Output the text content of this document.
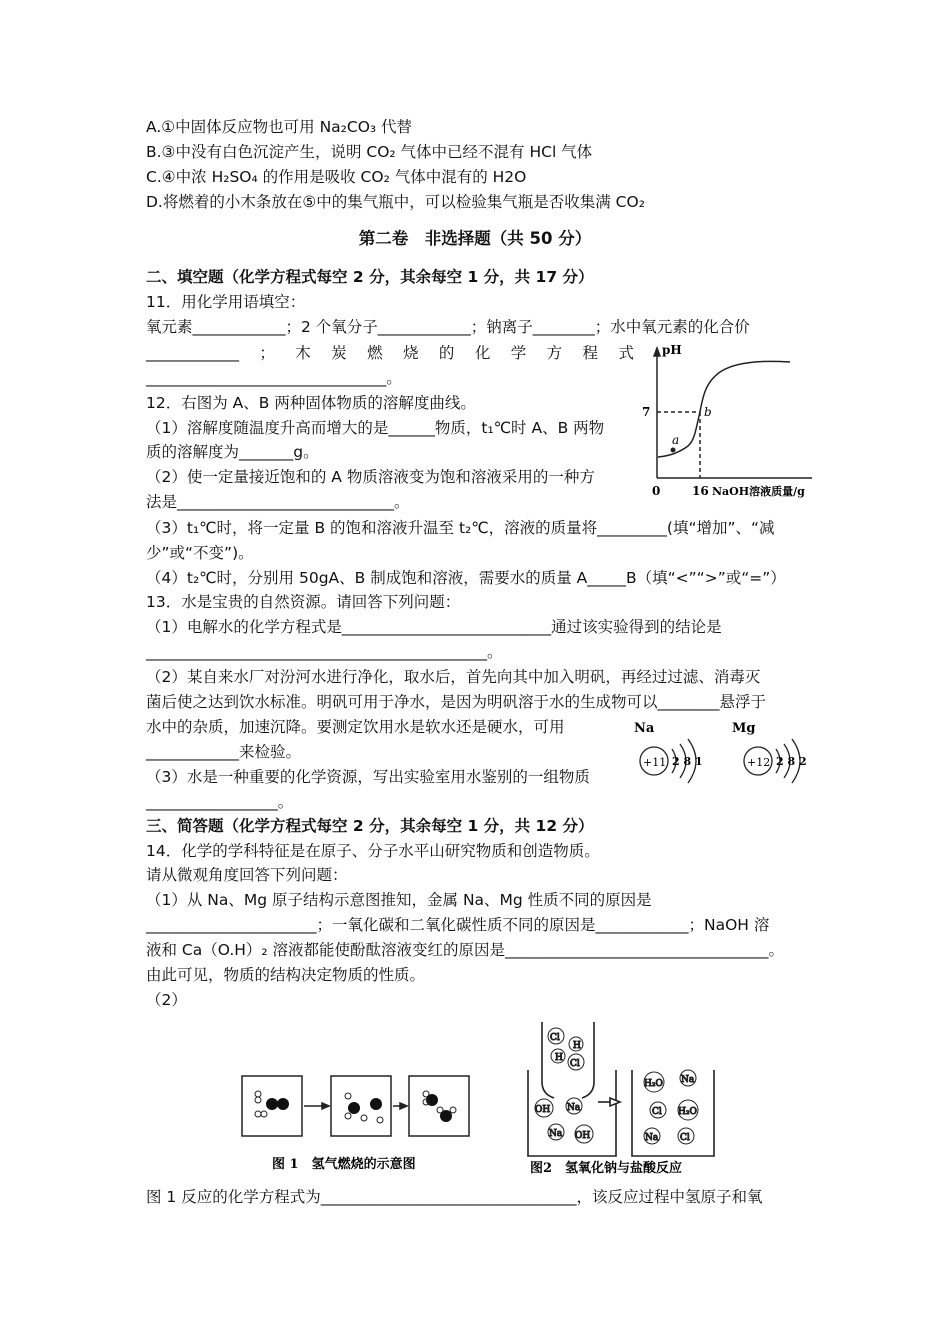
A.①中固体反应物也可用 Na₂CO₃ 代替
B.③中没有白色沉淀产生，说明 CO₂ 气体中已经不混有 HCl 气体
C.④中浓 H₂SO₄ 的作用是吸收 CO₂ 气体中混有的 H2O
D.将燃着的小木条放在⑤中的集气瓶中，可以检验集气瓶是否收集满 CO₂
第二卷　非选择题（共 50 分）
二、填空题（化学方程式每空 2 分，其余每空 1 分，共 17 分）
11．用化学用语填空：
氧元素____________；2 个氧分子____________；钠离子________；水中氧元素的化合价
____________ ； 木 炭 燃 烧 的 化 学 方 程 式
_______________________________。
12．右图为 A、B 两种固体物质的溶解度曲线。
（1）溶解度随温度升高而增大的是______物质，t₁℃时 A、B 两物
质的溶解度为_______g。
（2）使一定量接近饱和的 A 物质溶液变为饱和溶液采用的一种方
法是____________________________。
（3）t₁℃时，将一定量 B 的饱和溶液升温至 t₂℃，溶液的质量将_________(填“增加”、“减
少”或“不变”)。
（4）t₂℃时，分别用 50gA、B 制成饱和溶液，需要水的质量 A_____B（填“<”“>”或“=”）
13．水是宝贵的自然资源。请回答下列问题：
（1）电解水的化学方程式是___________________________通过该实验得到的结论是
____________________________________________。
（2）某自来水厂对汾河水进行净化，取水后，首先向其中加入明矾，再经过过滤、消毒灭
菌后使之达到饮水标准。明矾可用于净水，是因为明矾溶于水的生成物可以________悬浮于
水中的杂质，加速沉降。要测定饮用水是软水还是硬水，可用
____________来检验。
（3）水是一种重要的化学资源，写出实验室用水鉴别的一组物质
_________________。
三、简答题（化学方程式每空 2 分，其余每空 1 分，共 12 分）
14．化学的学科特征是在原子、分子水平山研究物质和创造物质。
请从微观角度回答下列问题：
（1）从 Na、Mg 原子结构示意图推知，金属 Na、Mg 性质不同的原因是
______________________；一氧化碳和二氧化碳性质不同的原因是____________；NaOH 溶
液和 Ca（O.H）₂ 溶液都能使酚酞溶液变红的原因是__________________________________。
由此可见，物质的结构决定物质的性质。
（2）
图 1 反应的化学方程式为_________________________________，该反应过程中氢原子和氧
pH
7
0	16 NaOH溶液质量/g
a
b
Na
+11 2 8 1
Mg
+12 2 8 2
图 1　氢气燃烧的示意图
Cl
H
H
Cl
OH Na
Na OH
H₂O Na
Cl H₂O
Na Cl
图2　氢氧化钠与盐酸反应
